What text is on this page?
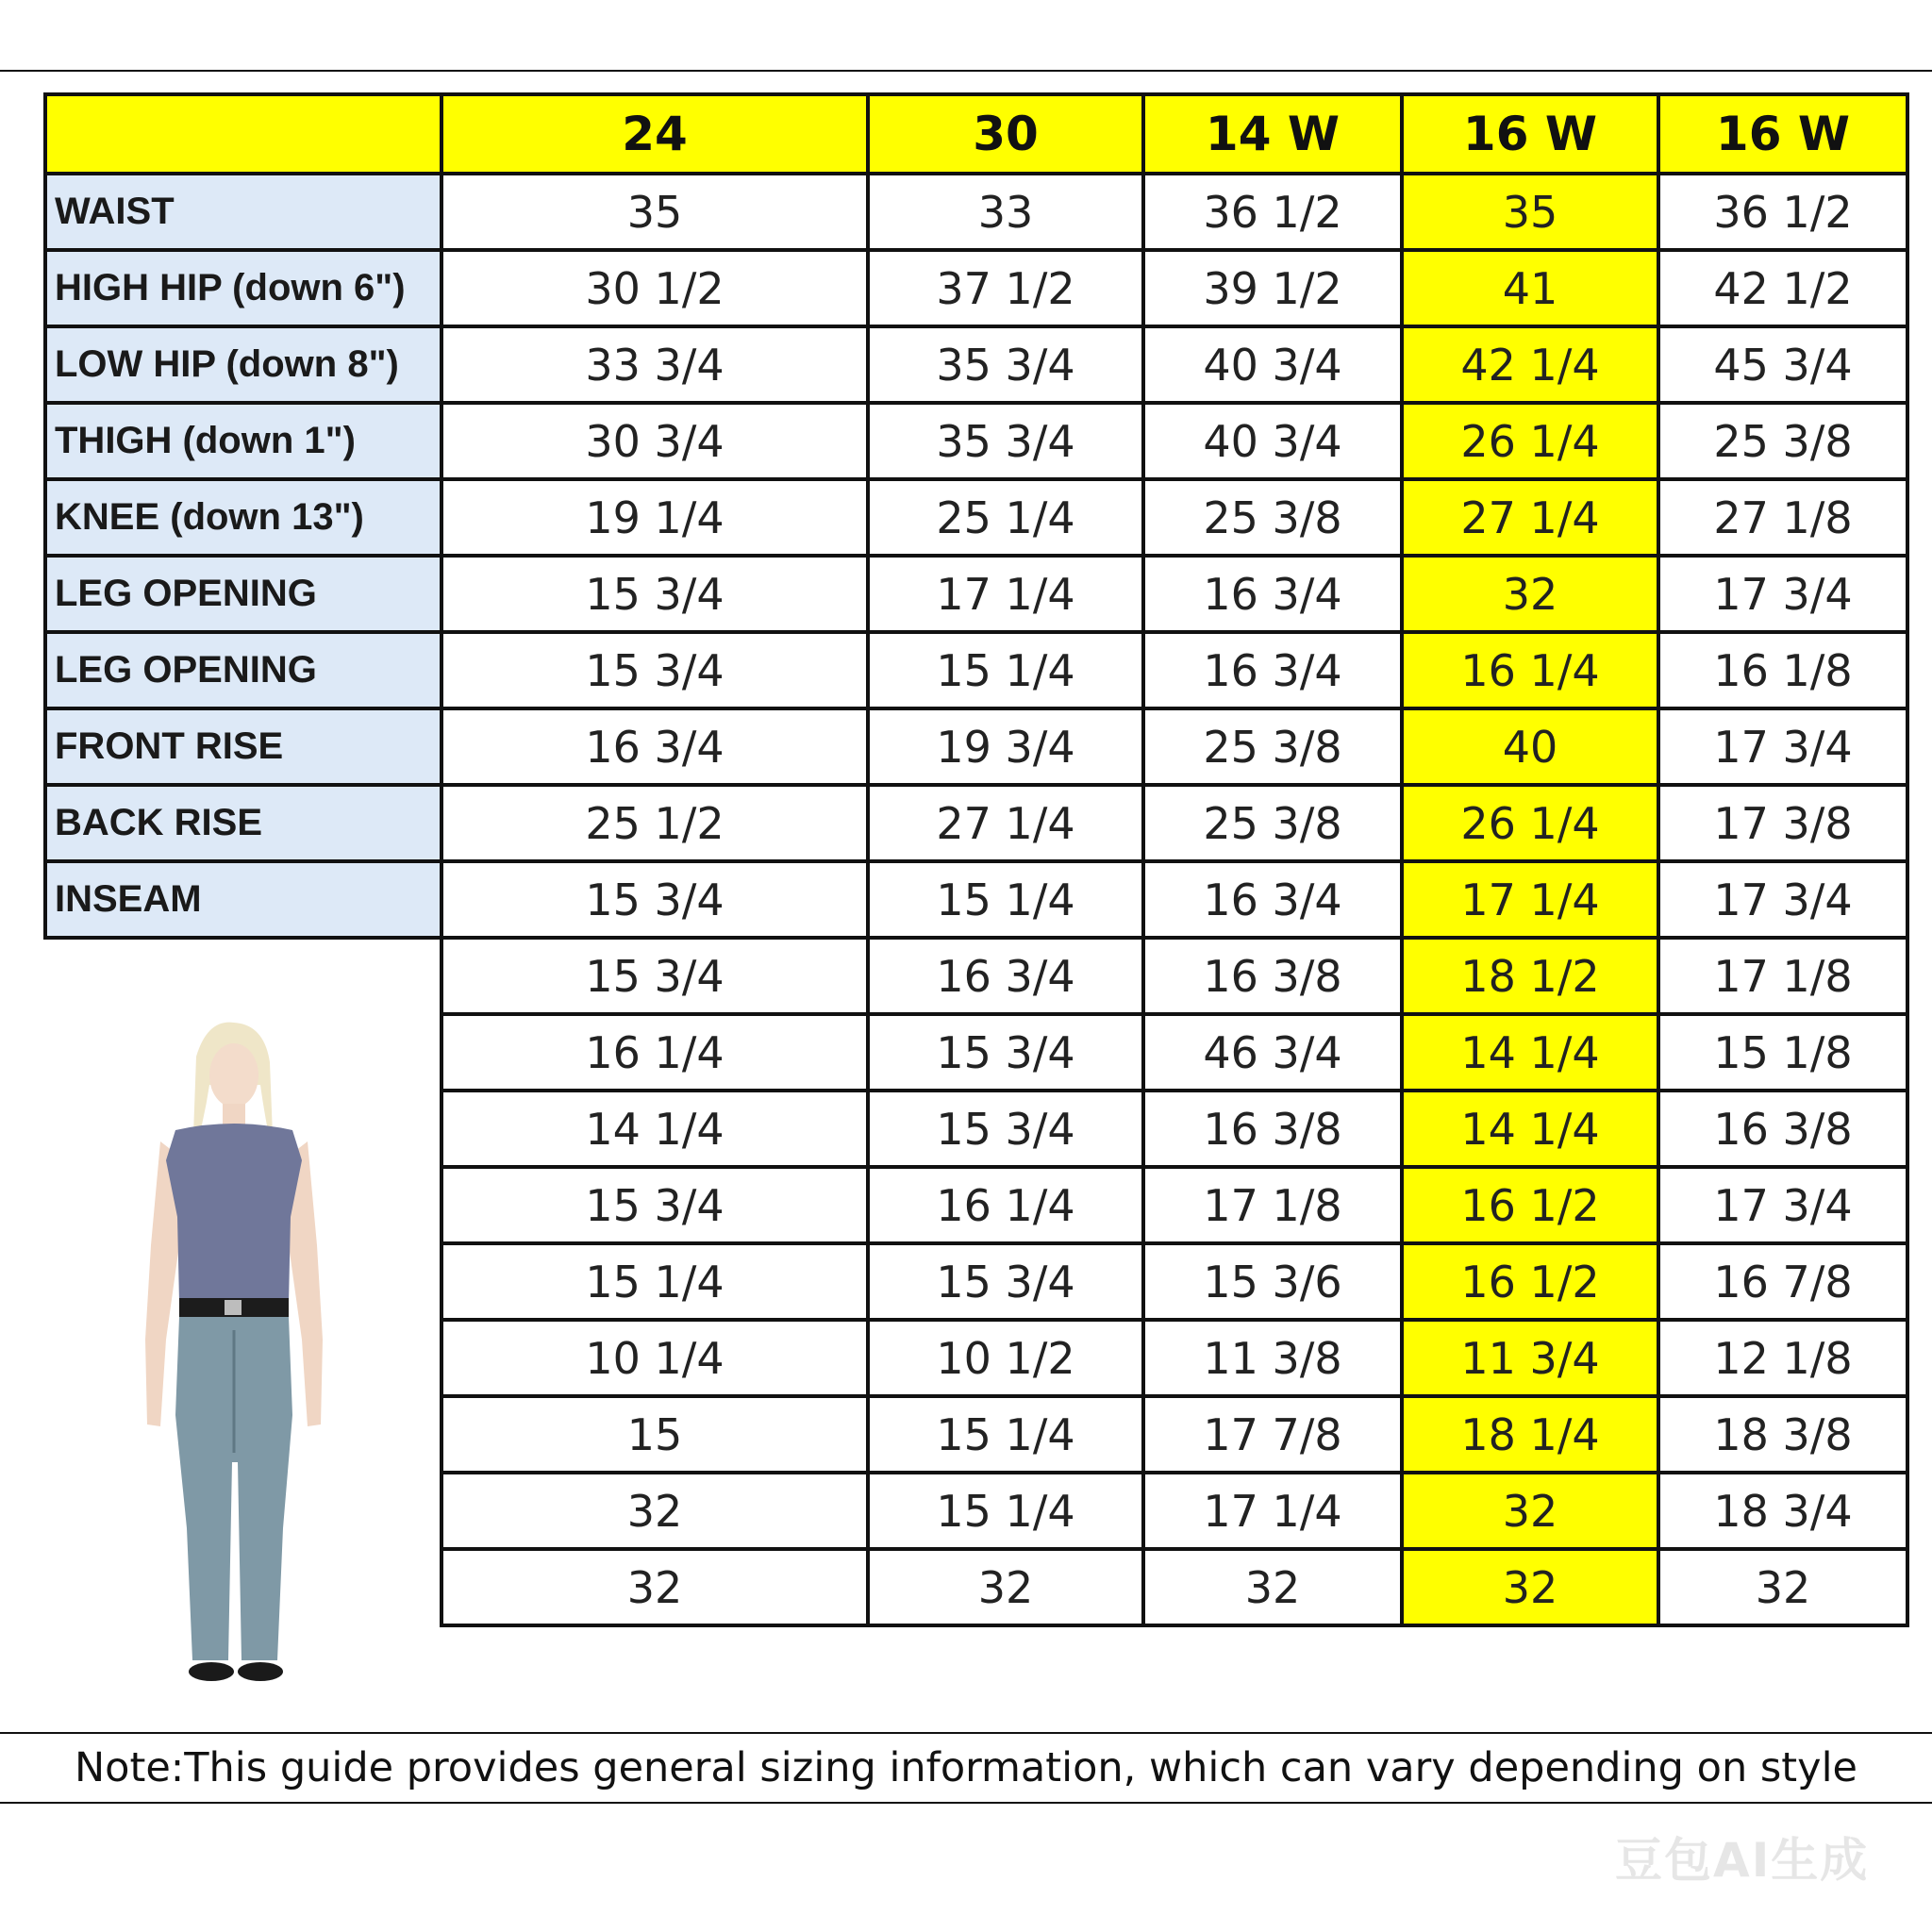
	24	30	14 W	16 W	16 W
WAIST	35	33	36 1/2	35	36 1/2
HIGH HIP (down 6")	30 1/2	37 1/2	39 1/2	41	42 1/2
LOW HIP (down 8")	33 3/4	35 3/4	40 3/4	42 1/4	45 3/4
THIGH (down 1")	30 3/4	35 3/4	40 3/4	26 1/4	25 3/8
KNEE (down 13")	19 1/4	25 1/4	25 3/8	27 1/4	27 1/8
LEG OPENING	15 3/4	17 1/4	16 3/4	32	17 3/4
LEG OPENING	15 3/4	15 1/4	16 3/4	16 1/4	16 1/8
FRONT RISE	16 3/4	19 3/4	25 3/8	40	17 3/4
BACK RISE	25 1/2	27 1/4	25 3/8	26 1/4	17 3/8
INSEAM	15 3/4	15 1/4	16 3/4	17 1/4	17 3/4
	15 3/4	16 3/4	16 3/8	18 1/2	17 1/8
	16 1/4	15 3/4	46 3/4	14 1/4	15 1/8
	14 1/4	15 3/4	16 3/8	14 1/4	16 3/8
	15 3/4	16 1/4	17 1/8	16 1/2	17 3/4
	15 1/4	15 3/4	15 3/6	16 1/2	16 7/8
	10 1/4	10 1/2	11 3/8	11 3/4	12 1/8
	15	15 1/4	17 7/8	18 1/4	18 3/8
	32	15 1/4	17 1/4	32	18 3/4
	32	32	32	32	32
Note:This guide provides general sizing information, which can vary depending on style
豆包AI生成
